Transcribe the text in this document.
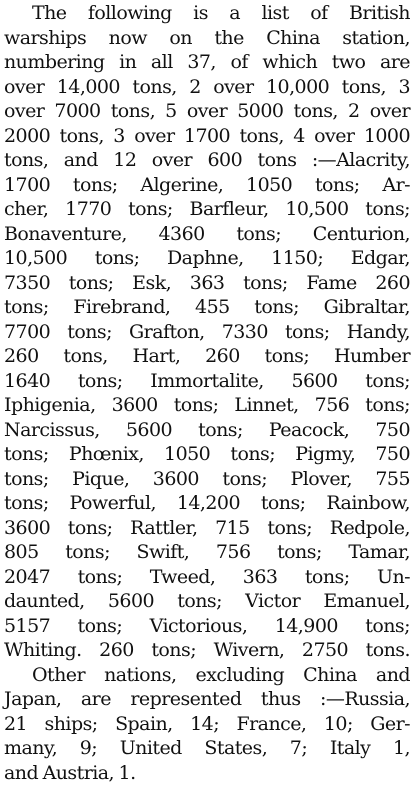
The following is a list of British
warships now on the China station,
numbering in all 37, of which two are
over 14,000 tons, 2 over 10,000 tons, 3
over 7000 tons, 5 over 5000 tons, 2 over
2000 tons, 3 over 1700 tons, 4 over 1000
tons, and 12 over 600 tons :—Alacrity,
1700 tons; Algerine, 1050 tons; Ar-
cher, 1770 tons; Barfleur, 10,500 tons;
Bonaventure, 4360 tons; Centurion,
10,500 tons; Daphne, 1150; Edgar,
7350 tons; Esk, 363 tons; Fame 260
tons; Firebrand, 455 tons; Gibraltar,
7700 tons; Grafton, 7330 tons; Handy,
260 tons, Hart, 260 tons; Humber
1640 tons; Immortalite, 5600 tons;
Iphigenia, 3600 tons; Linnet, 756 tons;
Narcissus, 5600 tons; Peacock, 750
tons; Phœnix, 1050 tons; Pigmy, 750
tons; Pique, 3600 tons; Plover, 755
tons; Powerful, 14,200 tons; Rainbow,
3600 tons; Rattler, 715 tons; Redpole,
805 tons; Swift, 756 tons; Tamar,
2047 tons; Tweed, 363 tons; Un-
daunted, 5600 tons; Victor Emanuel,
5157 tons; Victorious, 14,900 tons;
Whiting. 260 tons; Wivern, 2750 tons.
Other nations, excluding China and
Japan, are represented thus :—Russia,
21 ships; Spain, 14; France, 10; Ger-
many, 9; United States, 7; Italy 1,
and Austria, 1.
